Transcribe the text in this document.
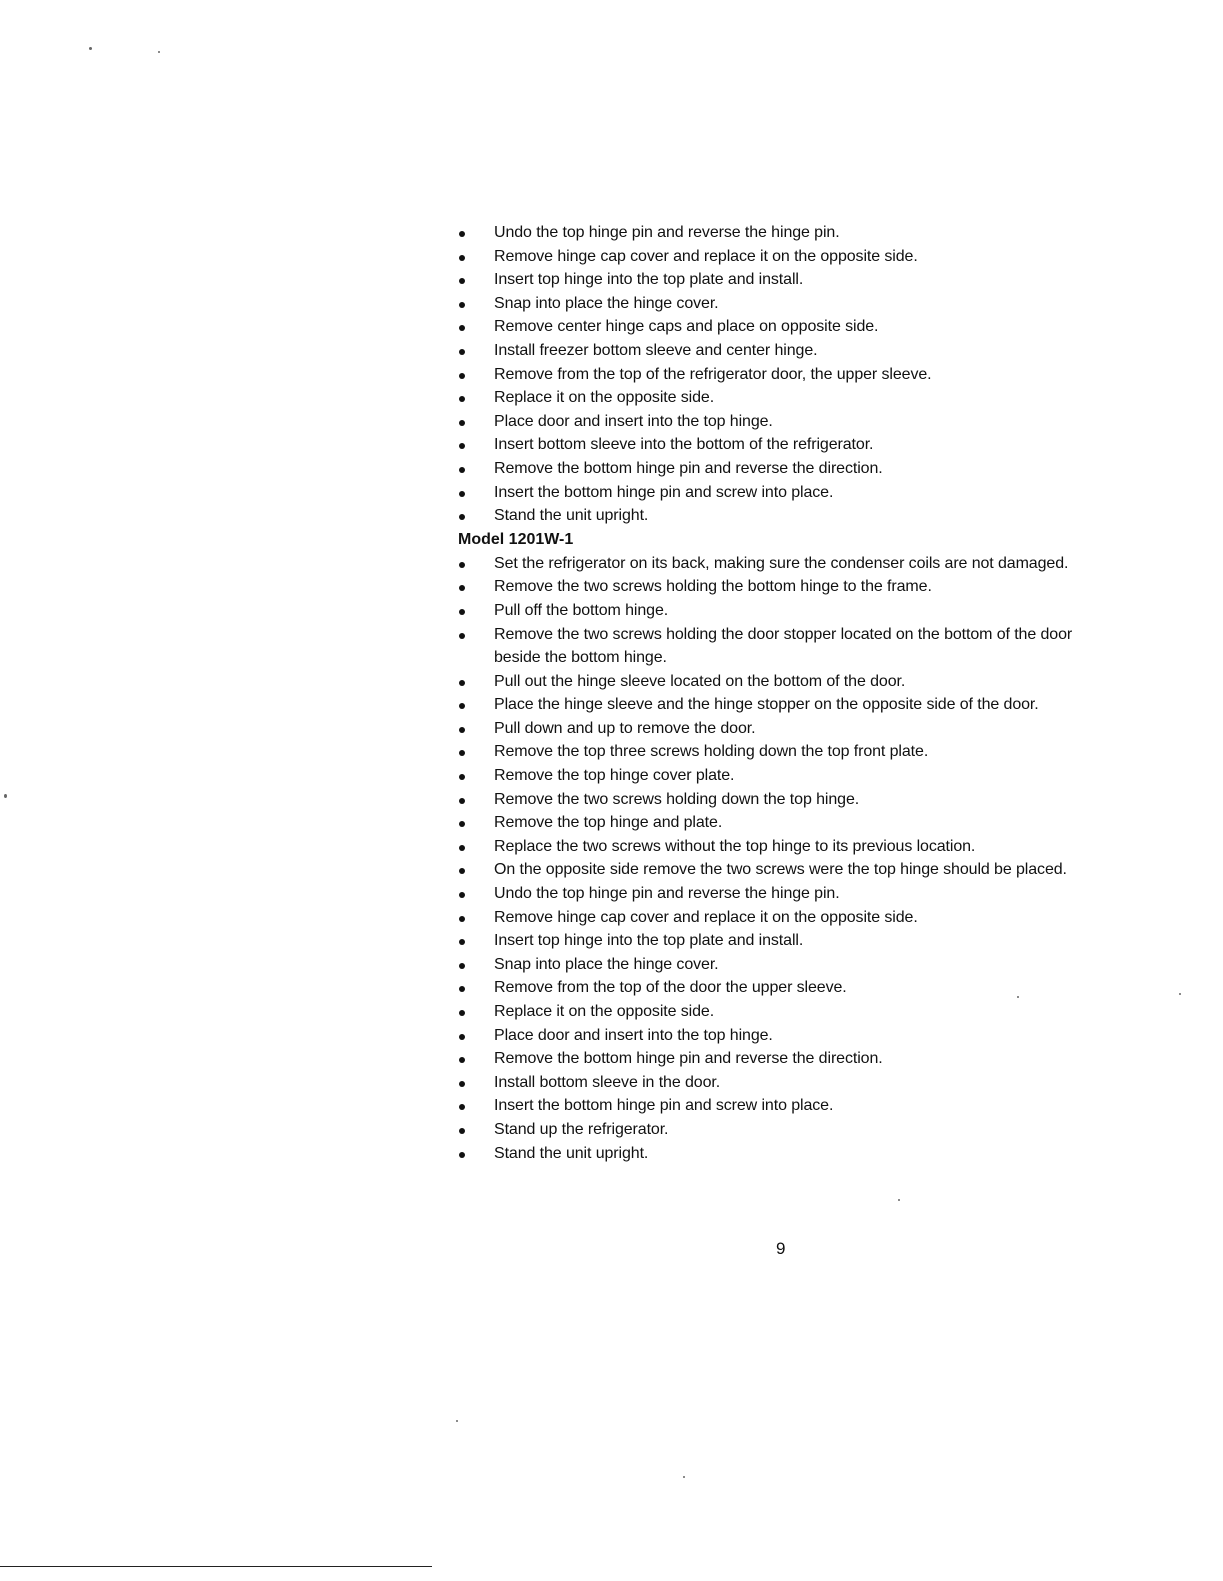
Undo the top hinge pin and reverse the hinge pin.
Remove hinge cap cover and replace it on the opposite side.
Insert top hinge into the top plate and install.
Snap into place the hinge cover.
Remove center hinge caps and place on opposite side.
Install freezer bottom sleeve and center hinge.
Remove from the top of the refrigerator door, the upper sleeve.
Replace it on the opposite side.
Place door and insert into the top hinge.
Insert bottom sleeve into the bottom of the refrigerator.
Remove the bottom hinge pin and reverse the direction.
Insert the bottom hinge pin and screw into place.
Stand the unit upright.

Model 1201W-1

Set the refrigerator on its back, making sure the condenser coils are not damaged.
Remove the two screws holding the bottom hinge to the frame.
Pull off the bottom hinge.
Remove the two screws holding the door stopper located on the bottom of the door beside the bottom hinge.
Pull out the hinge sleeve located on the bottom of the door.
Place the hinge sleeve and the hinge stopper on the opposite side of the door.
Pull down and up to remove the door.
Remove the top three screws holding down the top front plate.
Remove the top hinge cover plate.
Remove the two screws holding down the top hinge.
Remove the top hinge and plate.
Replace the two screws without the top hinge to its previous location.
On the opposite side remove the two screws were the top hinge should be placed.
Undo the top hinge pin and reverse the hinge pin.
Remove hinge cap cover and replace it on the opposite side.
Insert top hinge into the top plate and install.
Snap into place the hinge cover.
Remove from the top of the door the upper sleeve.
Replace it on the opposite side.
Place door and insert into the top hinge.
Remove the bottom hinge pin and reverse the direction.
Install bottom sleeve in the door.
Insert the bottom hinge pin and screw into place.
Stand up the refrigerator.
Stand the unit upright.
9
